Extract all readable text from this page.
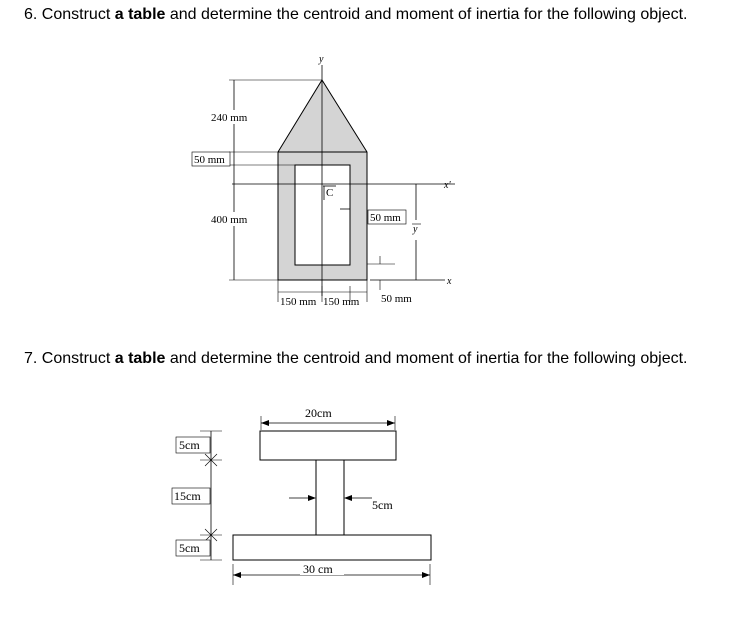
6. Construct a table and determine the centroid and moment of inertia for the following object.

7. Construct a table and determine the centroid and moment of inertia for the following object.

y
x'
x
C
240 mm
50 mm
400 mm	50 mm
y
150 mm 150 mm 50 mm
20cm
5cm
15cm
5cm
5cm
30 cm
